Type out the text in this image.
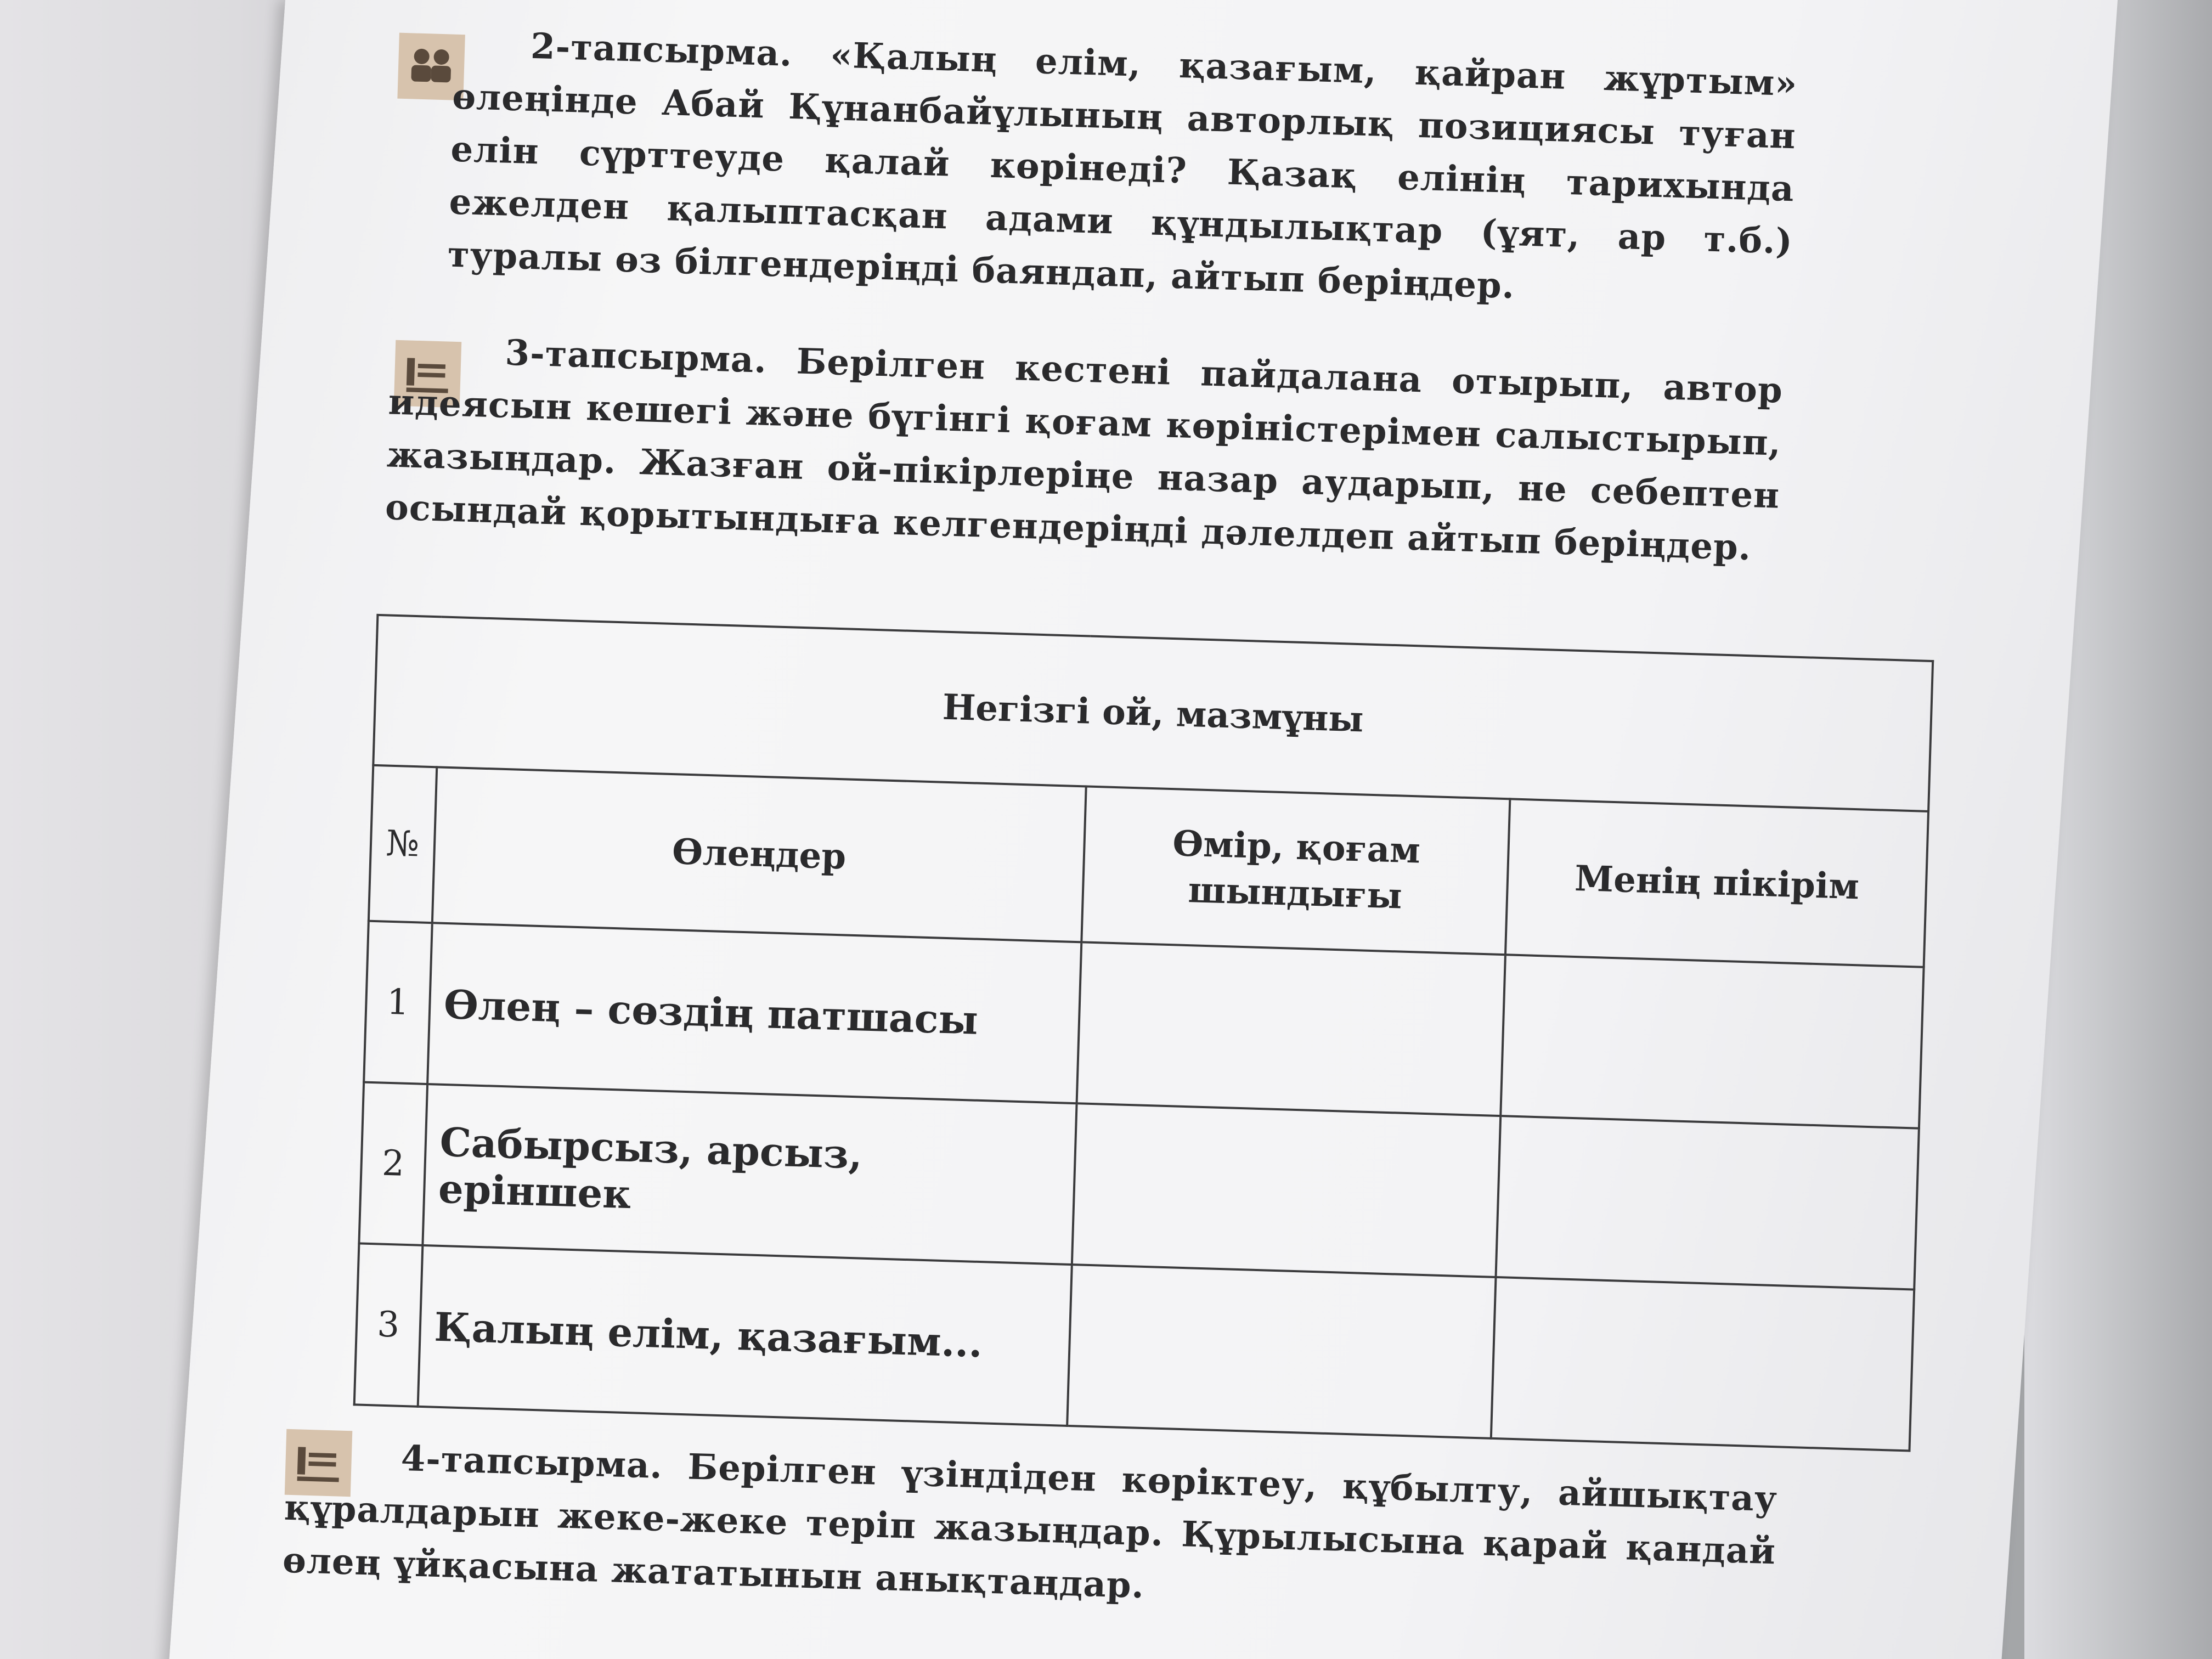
2-тапсырма. «Қалың елім, қазағым, қайран жұртым» өлеңінде Абай Құнанбайұлының авторлық позициясы туған елін сүрттеуде қалай көрінеді? Қазақ елінің тарихында ежелден қалыптасқан адами құндылықтар (ұят, ар т.б.) туралы өз білгендеріңді баяндап, айтып беріңдер.

3-тапсырма. Берілген кестені пайдалана отырып, автор идеясын кешегі және бүгінгі қоғам көріністерімен салыстырып, жазыңдар. Жазған ой-пікірлеріңе назар аударып, не себептен осындай қорытындыға келгендеріңді дәлелдеп айтып беріңдер.

Негізгі ой, мазмұны			
№	Өлеңдер	Өмір, қоғам шындығы	Менің пікірім
1	Өлең – сөздің патшасы		
2	Сабырсыз, арсыз, еріншек		
3	Қалың елім, қазағым...		

4-тапсырма. Берілген үзіндіден көріктеу, құбылту, айшықтау құралдарын жеке-жеке теріп жазыңдар. Құрылысына қарай қандай өлең ұйқасына жататынын анықтаңдар.
